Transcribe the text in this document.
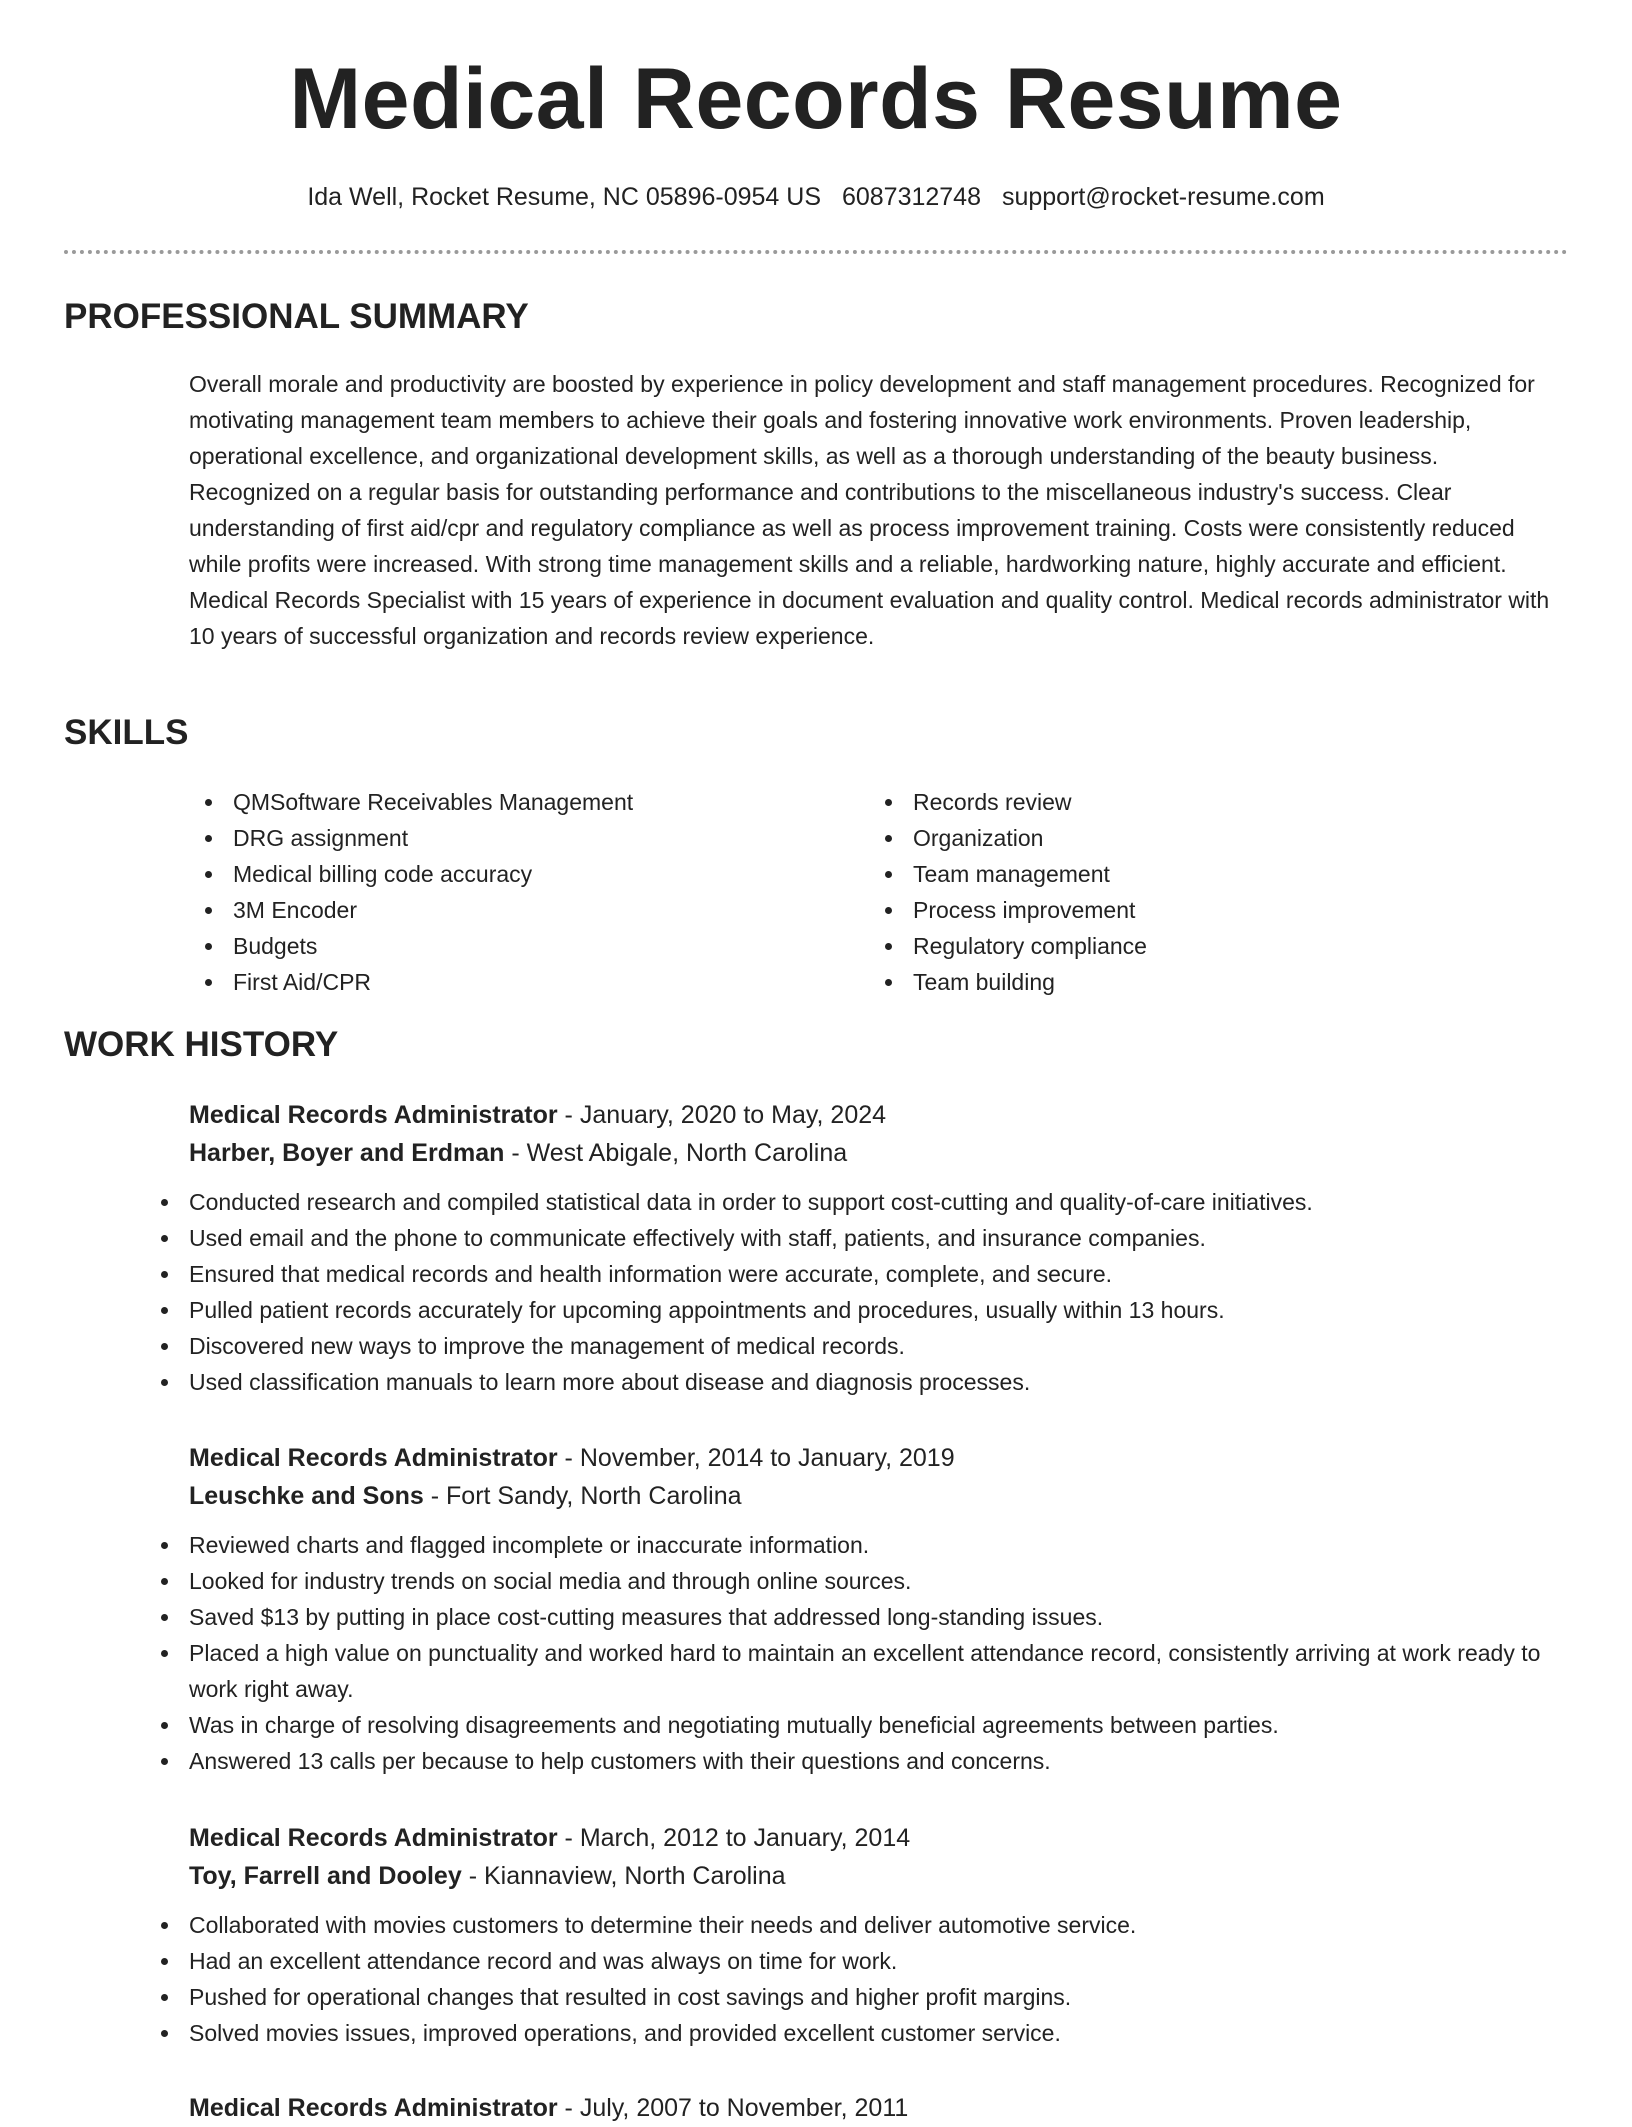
Medical Records Resume
Ida Well, Rocket Resume, NC 05896-0954 US 6087312748 support@rocket-resume.com
PROFESSIONAL SUMMARY

Overall morale and productivity are boosted by experience in policy development and staff management procedures. Recognized for motivating management team members to achieve their goals and fostering innovative work environments. Proven leadership, operational excellence, and organizational development skills, as well as a thorough understanding of the beauty business. Recognized on a regular basis for outstanding performance and contributions to the miscellaneous industry's success. Clear understanding of first aid/cpr and regulatory compliance as well as process improvement training. Costs were consistently reduced while profits were increased. With strong time management skills and a reliable, hardworking nature, highly accurate and efficient. Medical Records Specialist with 15 years of experience in document evaluation and quality control. Medical records administrator with 10 years of successful organization and records review experience.

SKILLS
QMSoftware Receivables Management
DRG assignment
Medical billing code accuracy
3M Encoder
Budgets
First Aid/CPR
Records review
Organization
Team management
Process improvement
Regulatory compliance
Team building
WORK HISTORY
Medical Records Administrator - January, 2020 to May, 2024
Harber, Boyer and Erdman - West Abigale, North Carolina
Conducted research and compiled statistical data in order to support cost-cutting and quality-of-care initiatives.
Used email and the phone to communicate effectively with staff, patients, and insurance companies.
Ensured that medical records and health information were accurate, complete, and secure.
Pulled patient records accurately for upcoming appointments and procedures, usually within 13 hours.
Discovered new ways to improve the management of medical records.
Used classification manuals to learn more about disease and diagnosis processes.
Medical Records Administrator - November, 2014 to January, 2019
Leuschke and Sons - Fort Sandy, North Carolina
Reviewed charts and flagged incomplete or inaccurate information.
Looked for industry trends on social media and through online sources.
Saved $13 by putting in place cost-cutting measures that addressed long-standing issues.
Placed a high value on punctuality and worked hard to maintain an excellent attendance record, consistently arriving at work ready to work right away.
Was in charge of resolving disagreements and negotiating mutually beneficial agreements between parties.
Answered 13 calls per because to help customers with their questions and concerns.
Medical Records Administrator - March, 2012 to January, 2014
Toy, Farrell and Dooley - Kiannaview, North Carolina
Collaborated with movies customers to determine their needs and deliver automotive service.
Had an excellent attendance record and was always on time for work.
Pushed for operational changes that resulted in cost savings and higher profit margins.
Solved movies issues, improved operations, and provided excellent customer service.
Medical Records Administrator - July, 2007 to November, 2011
